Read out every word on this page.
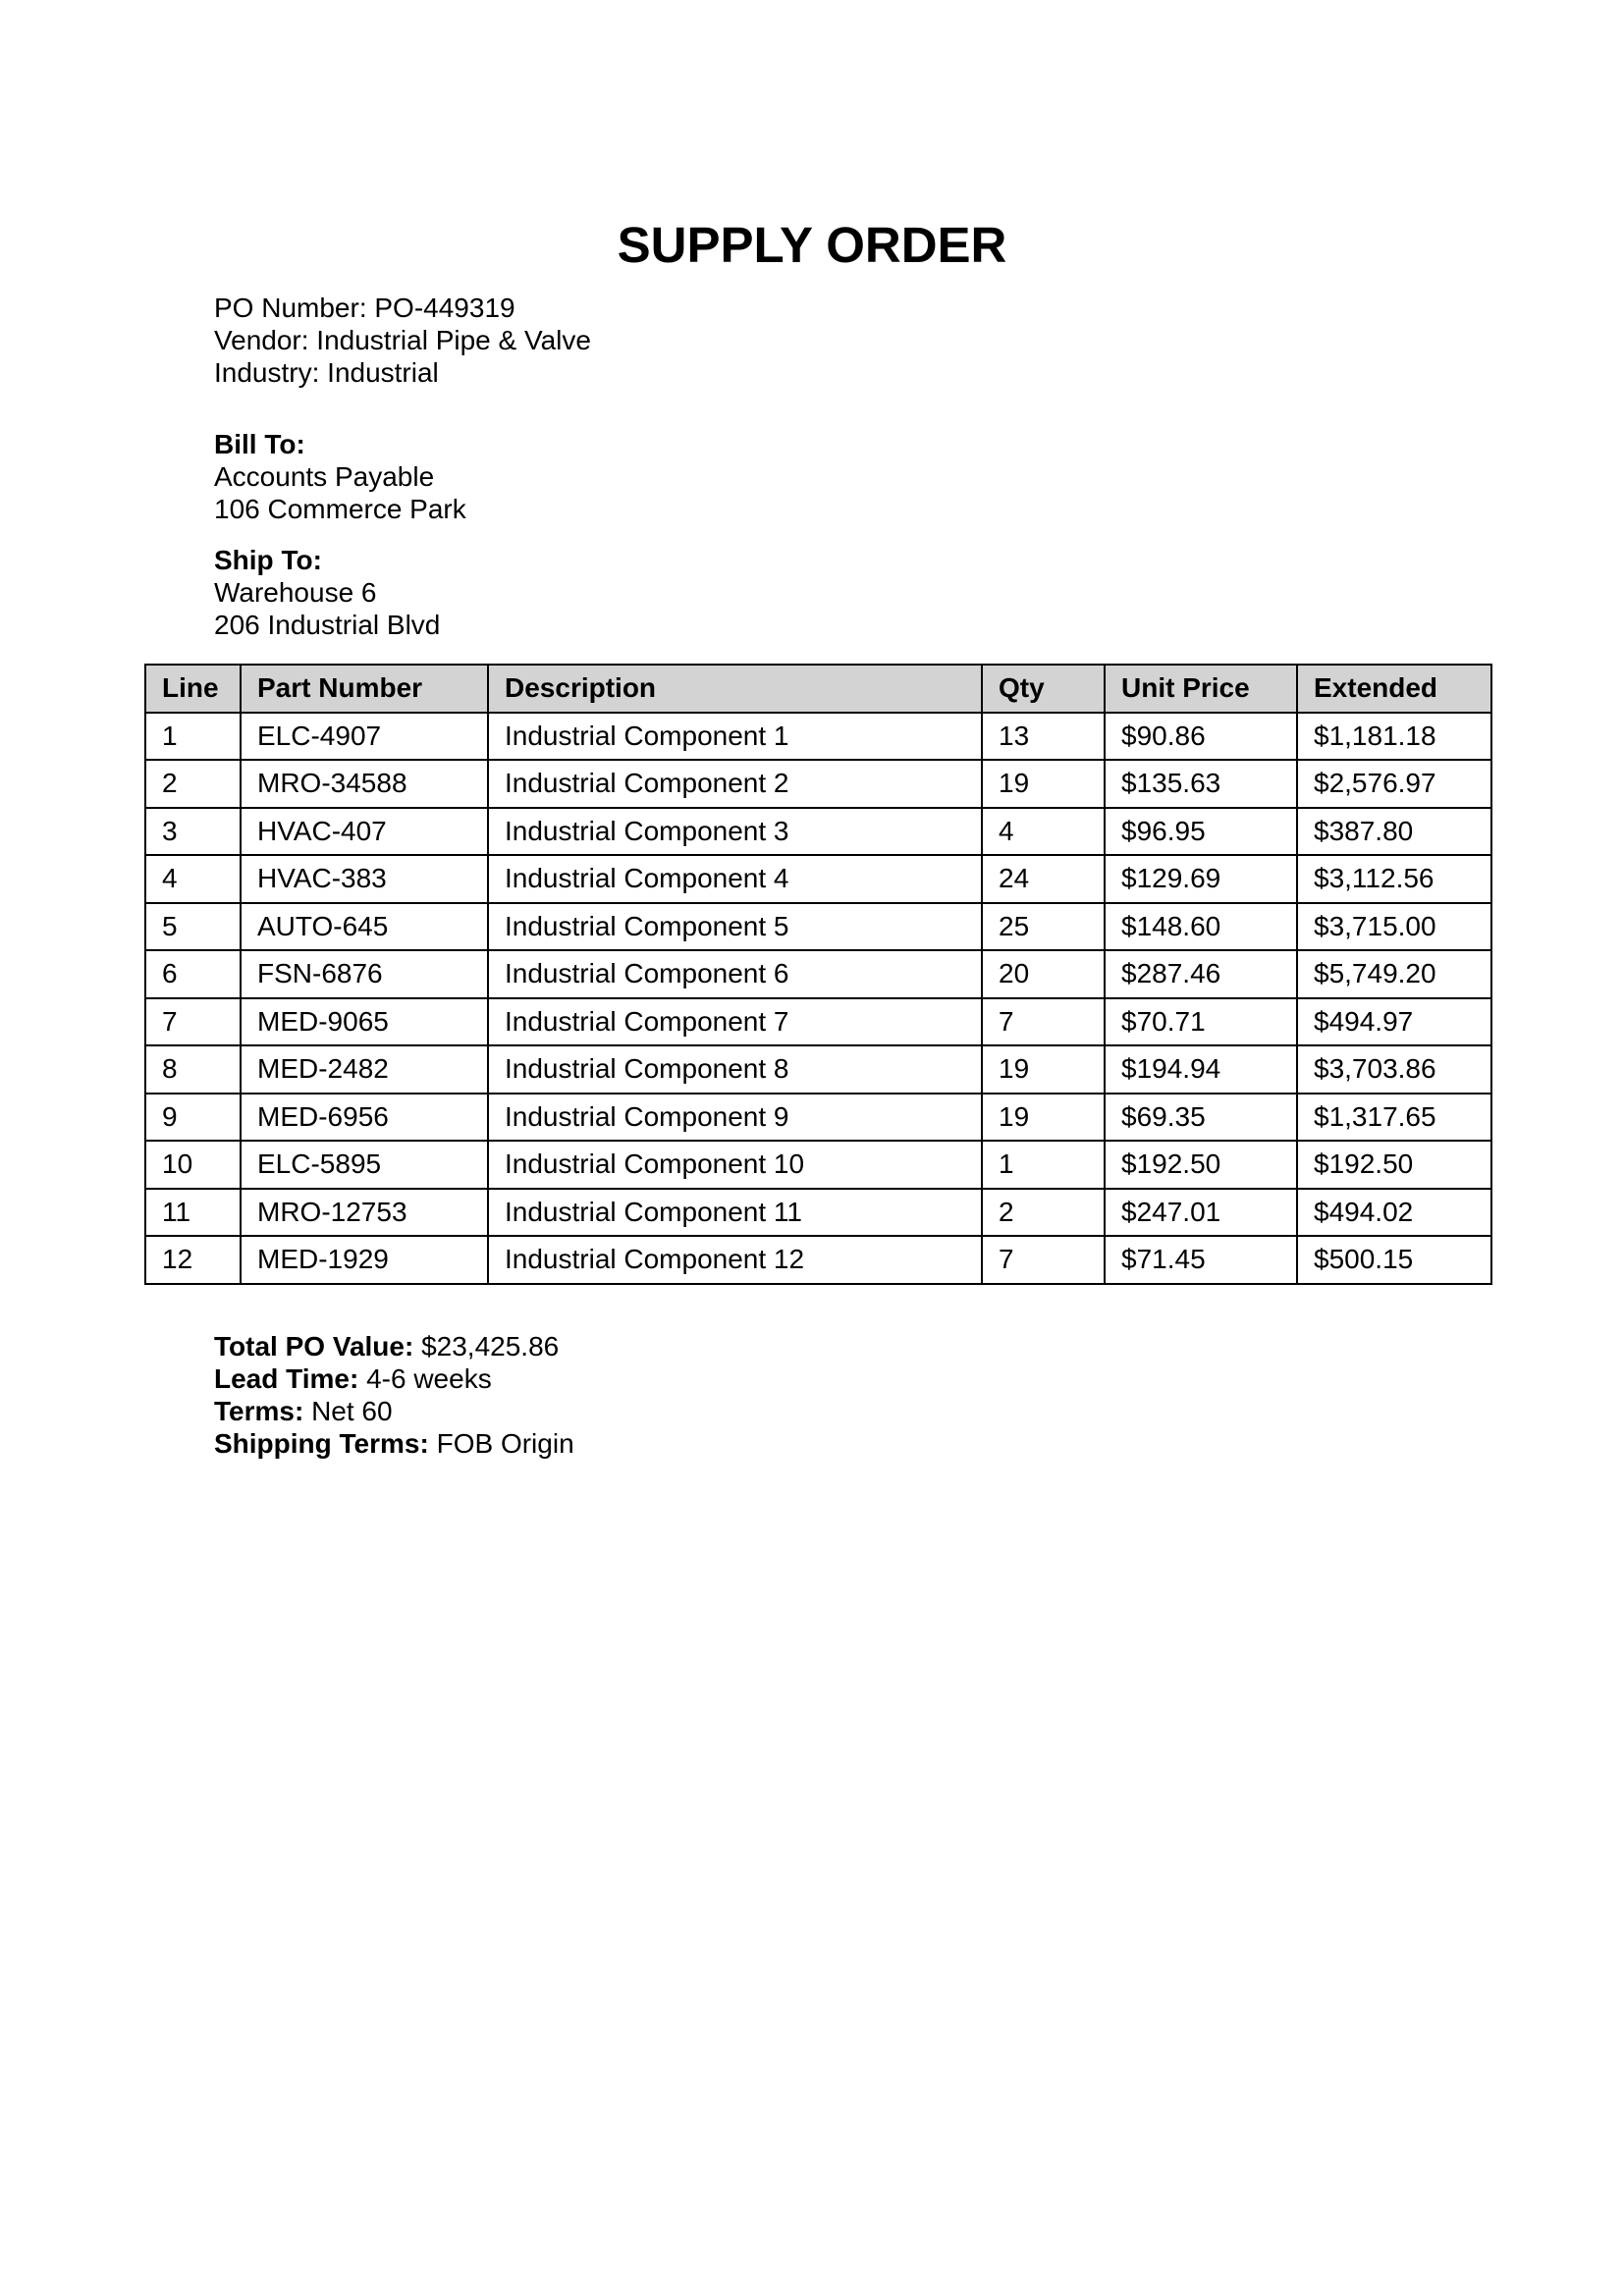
SUPPLY ORDER
PO Number: PO-449319
Vendor: Industrial Pipe & Valve
Industry: Industrial
Bill To:
Accounts Payable
106 Commerce Park
Ship To:
Warehouse 6
206 Industrial Blvd
Line	Part Number	Description	Qty	Unit Price	Extended
1	ELC-4907	Industrial Component 1	13	$90.86	$1,181.18
2	MRO-34588	Industrial Component 2	19	$135.63	$2,576.97
3	HVAC-407	Industrial Component 3	4	$96.95	$387.80
4	HVAC-383	Industrial Component 4	24	$129.69	$3,112.56
5	AUTO-645	Industrial Component 5	25	$148.60	$3,715.00
6	FSN-6876	Industrial Component 6	20	$287.46	$5,749.20
7	MED-9065	Industrial Component 7	7	$70.71	$494.97
8	MED-2482	Industrial Component 8	19	$194.94	$3,703.86
9	MED-6956	Industrial Component 9	19	$69.35	$1,317.65
10	ELC-5895	Industrial Component 10	1	$192.50	$192.50
11	MRO-12753	Industrial Component 11	2	$247.01	$494.02
12	MED-1929	Industrial Component 12	7	$71.45	$500.15
Total PO Value: $23,425.86
Lead Time: 4-6 weeks
Terms: Net 60
Shipping Terms: FOB Origin
